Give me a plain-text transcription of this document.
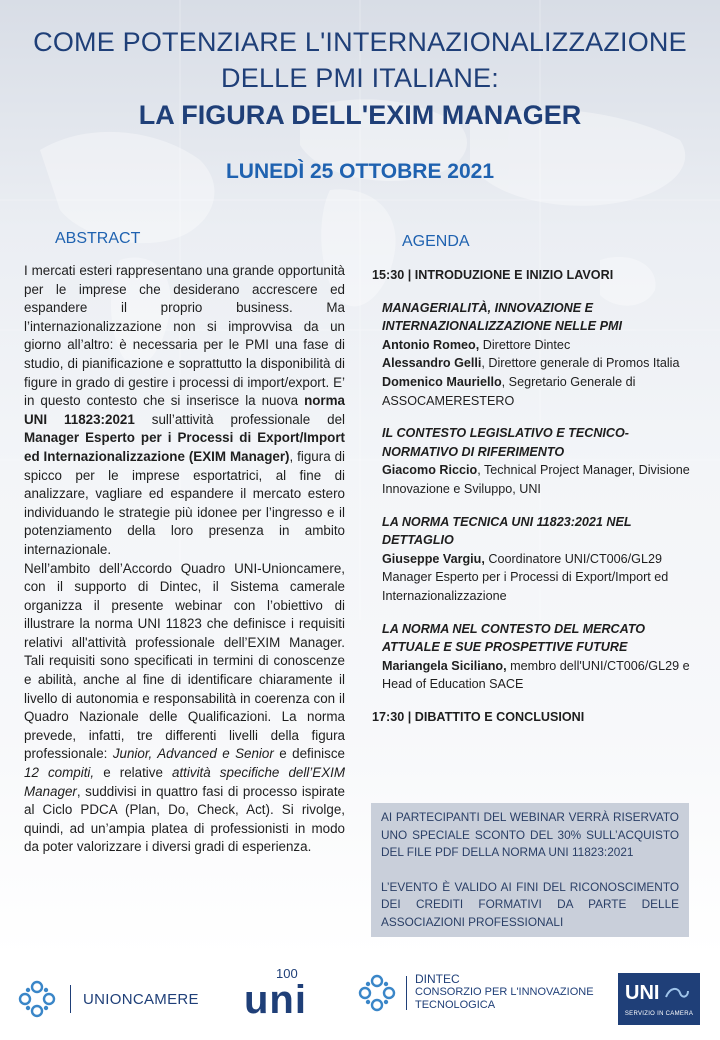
COME POTENZIARE L'INTERNAZIONALIZZAZIONE
DELLE PMI ITALIANE:
LA FIGURA DELL'EXIM MANAGER
LUNEDÌ 25 OTTOBRE 2021
ABSTRACT

I mercati esteri rappresentano una grande opportunità per le imprese che desiderano accrescere ed espandere il proprio business. Ma l’internazionalizzazione non si improvvisa da un giorno all’altro: è necessaria per le PMI una fase di studio, di pianificazione e soprattutto la disponibilità di figure in grado di gestire i processi di import/export. E’ in questo contesto che si inserisce la nuova norma UNI 11823:2021 sull’attività professionale del Manager Esperto per i Processi di Export/Import ed Internazionalizzazione (EXIM Manager), figura di spicco per le imprese esportatrici, al fine di analizzare, vagliare ed espandere il mercato estero individuando le strategie più idonee per l’ingresso e il potenziamento della loro presenza in ambito internazionale.

Nell’ambito dell’Accordo Quadro UNI-Unioncamere, con il supporto di Dintec, il Sistema camerale organizza il presente webinar con l’obiettivo di illustrare la norma UNI 11823 che definisce i requisiti relativi all'attività professionale dell’EXIM Manager. Tali requisiti sono specificati in termini di conoscenze e abilità, anche al fine di identificare chiaramente il livello di autonomia e responsabilità in coerenza con il Quadro Nazionale delle Qualificazioni. La norma prevede, infatti, tre differenti livelli della figura professionale: Junior, Advanced e Senior e definisce 12 compiti, e relative attività specifiche dell’EXIM Manager, suddivisi in quattro fasi di processo ispirate al Ciclo PDCA (Plan, Do, Check, Act). Si rivolge, quindi, ad un’ampia platea di professionisti in modo da poter valorizzare i diversi gradi di esperienza.

AGENDA
15:30 | INTRODUZIONE E INIZIO LAVORI
MANAGERIALITÀ, INNOVAZIONE E INTERNAZIONALIZZAZIONE NELLE PMI
Antonio Romeo, Direttore Dintec
Alessandro Gelli, Direttore generale di Promos Italia
Domenico Mauriello, Segretario Generale di ASSOCAMERESTERO
IL CONTESTO LEGISLATIVO E TECNICO-NORMATIVO DI RIFERIMENTO
Giacomo Riccio, Technical Project Manager, Divisione Innovazione e Sviluppo, UNI
LA NORMA TECNICA UNI 11823:2021 NEL DETTAGLIO
Giuseppe Vargiu, Coordinatore UNI/CT006/GL29 Manager Esperto per i Processi di Export/Import ed Internazionalizzazione
LA NORMA NEL CONTESTO DEL MERCATO ATTUALE E SUE PROSPETTIVE FUTURE
Mariangela Siciliano, membro dell'UNI/CT006/GL29 e Head of Education SACE
17:30 | DIBATTITO E CONCLUSIONI

AI PARTECIPANTI DEL WEBINAR VERRÀ RISERVATO UNO SPECIALE SCONTO DEL 30% SULL’ACQUISTO DEL FILE PDF DELLA NORMA UNI 11823:2021

L’EVENTO È VALIDO AI FINI DEL RICONOSCIMENTO DEI CREDITI FORMATIVI DA PARTE DELLE ASSOCIAZIONI PROFESSIONALI

UNIONCAMERE uni
100	DINTEC
CONSORZIO PER L'INNOVAZIONE
TECNOLOGICA
UNI
SERVIZIO IN CAMERA
